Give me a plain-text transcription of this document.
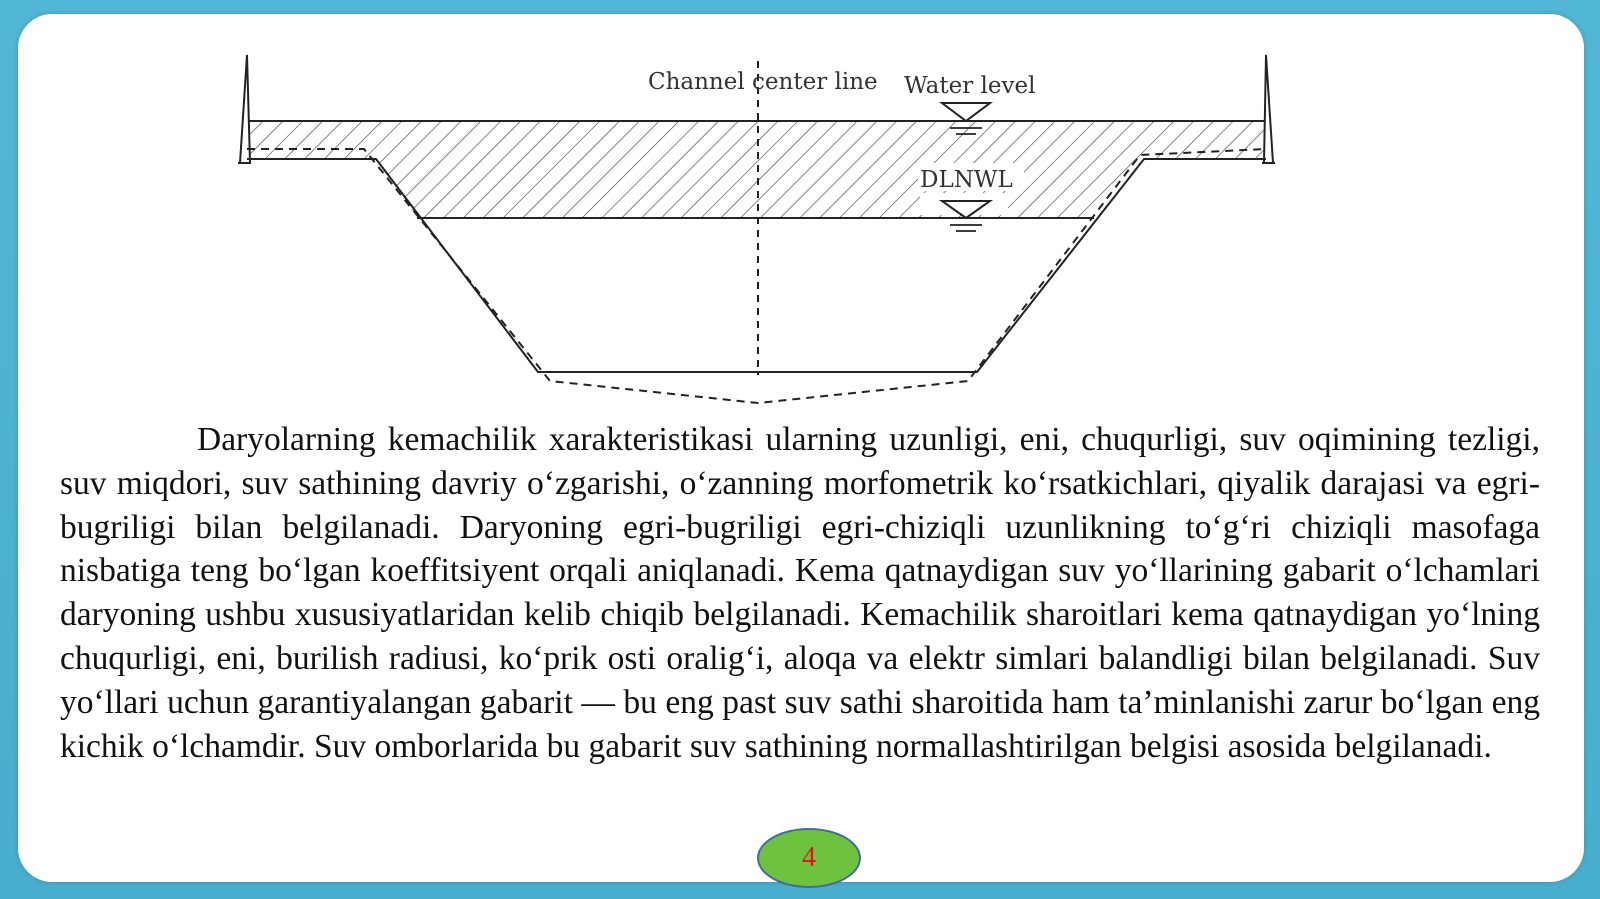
Channel center line Water level
DLNWL

Daryolarning kemachilik xarakteristikasi ularning uzunligi, eni, chuqurligi, suv oqimining tezligi, suv miqdori, suv sathining davriy o‘zgarishi, o‘zanning morfometrik ko‘rsatkichlari, qiyalik darajasi va egri-bugriligi bilan belgilanadi. Daryoning egri-bugriligi egri-chiziqli uzunlikning to‘g‘ri chiziqli masofaga nisbatiga teng bo‘lgan koeffitsiyent orqali aniqlanadi. Kema qatnaydigan suv yo‘llarining gabarit o‘lchamlari daryoning ushbu xususiyatlaridan kelib chiqib belgilanadi. Kemachilik sharoitlari kema qatnaydigan yo‘lning chuqurligi, eni, burilish radiusi, ko‘prik osti oralig‘i, aloqa va elektr simlari balandligi bilan belgilanadi. Suv yo‘llari uchun garantiyalangan gabarit — bu eng past suv sathi sharoitida ham ta’minlanishi zarur bo‘lgan eng kichik o‘lchamdir. Suv omborlarida bu gabarit suv sathining normallashtirilgan belgisi asosida belgilanadi.

4
